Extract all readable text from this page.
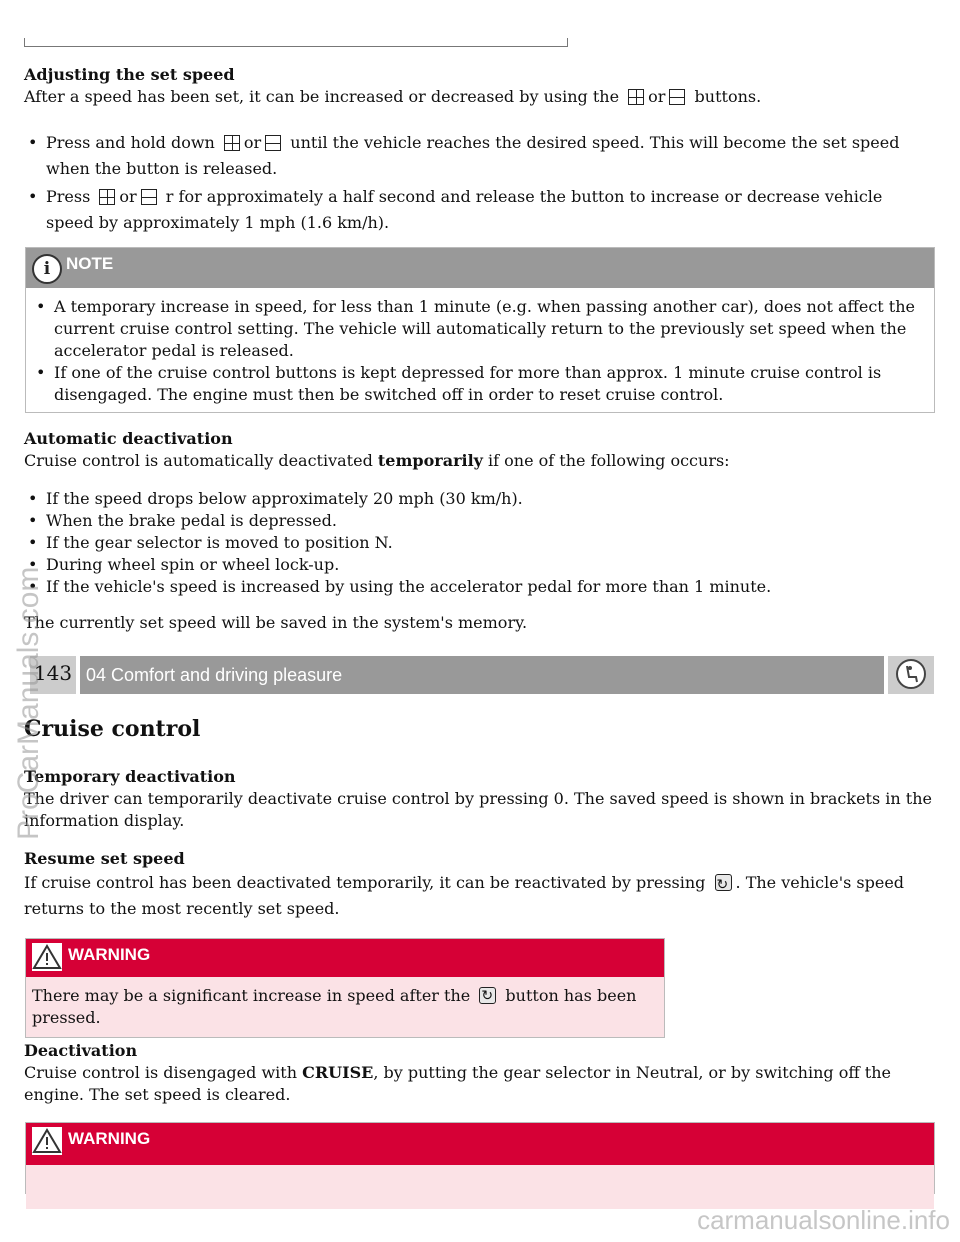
Adjusting the set speed

After a speed has been set, it can be increased or decreased by using the or buttons.

• Press and hold down or until the vehicle reaches the desired speed. This will become the set speed when the button is released.
• Press or r for approximately a half second and release the button to increase or decrease vehicle speed by approximately 1 mph (1.6 km/h).
i NOTE
• A temporary increase in speed, for less than 1 minute (e.g. when passing another car), does not affect the current cruise control setting. The vehicle will automatically return to the previously set speed when the accelerator pedal is released.
• If one of the cruise control buttons is kept depressed for more than approx. 1 minute cruise control is disengaged. The engine must then be switched off in order to reset cruise control.

Automatic deactivation

Cruise control is automatically deactivated temporarily if one of the following occurs:

• If the speed drops below approximately 20 mph (30 km/h).
• When the brake pedal is depressed.
• If the gear selector is moved to position N.
• During wheel spin or wheel lock-up.
• If the vehicle's speed is increased by using the accelerator pedal for more than 1 minute.

The currently set speed will be saved in the system's memory.

143 04 Comfort and driving pleasure

Cruise control

Temporary deactivation

The driver can temporarily deactivate cruise control by pressing 0. The saved speed is shown in brackets in the information display.

Resume set speed

If cruise control has been deactivated temporarily, it can be reactivated by pressing ↻ . The vehicle's speed returns to the most recently set speed.

WARNING

There may be a significant increase in speed after the ↻ button has been pressed.

Deactivation

Cruise control is disengaged with CRUISE, by putting the gear selector in Neutral, or by switching off the engine. The set speed is cleared.

WARNING
ProCarManuals.com
carmanualsonline.info
